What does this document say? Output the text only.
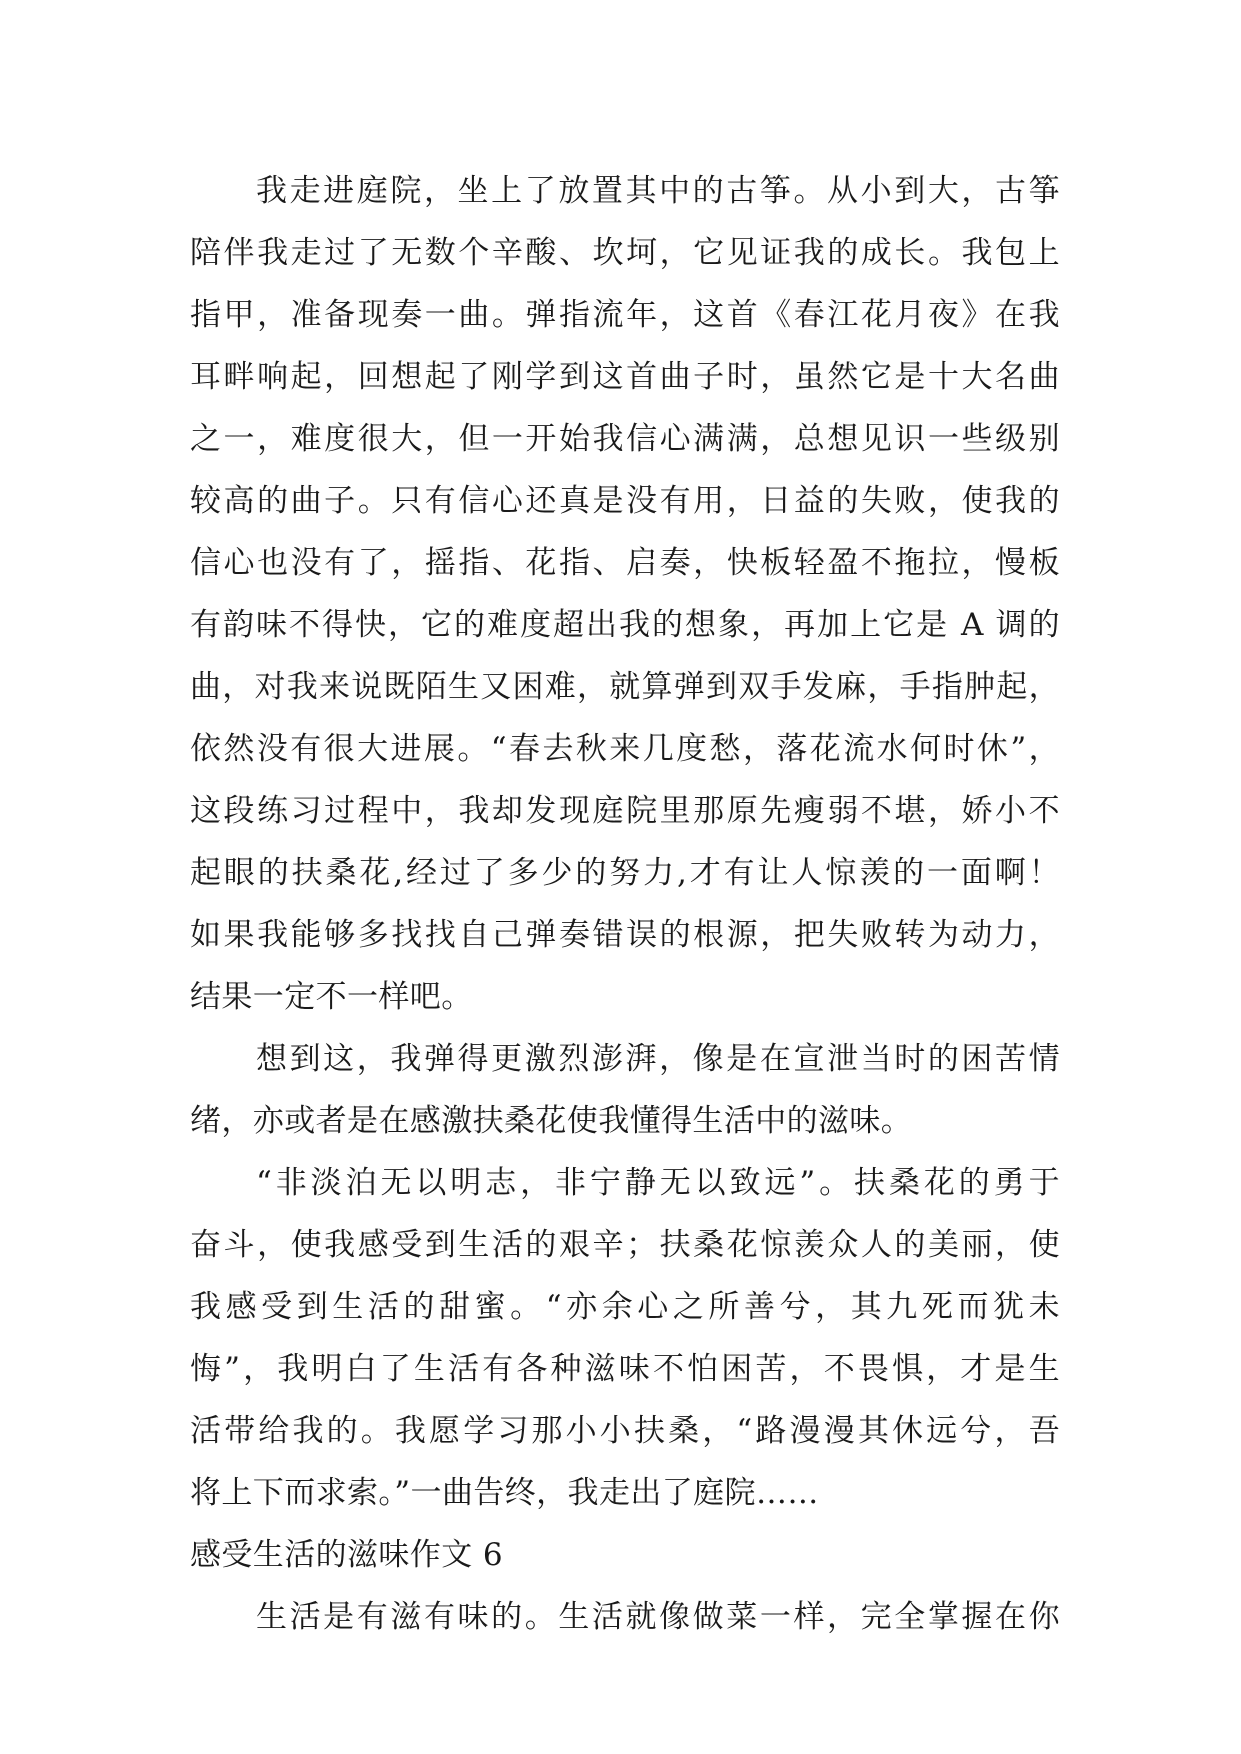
我走进庭院，坐上了放置其中的古筝。从小到大，古筝
陪伴我走过了无数个辛酸、坎坷，它见证我的成长。我包上
指甲，准备现奏一曲。弹指流年，这首《春江花月夜》在我
耳畔响起，回想起了刚学到这首曲子时，虽然它是十大名曲
之一，难度很大，但一开始我信心满满，总想见识一些级别
较高的曲子。只有信心还真是没有用，日益的失败，使我的
信心也没有了，摇指、花指、启奏，快板轻盈不拖拉，慢板
有韵味不得快，它的难度超出我的想象，再加上它是 A 调的
曲，对我来说既陌生又困难，就算弹到双手发麻，手指肿起，
依然没有很大进展。“春去秋来几度愁，落花流水何时休”，
这段练习过程中，我却发现庭院里那原先瘦弱不堪，娇小不
起眼的扶桑花,经过了多少的努力,才有让人惊羡的一面啊！
如果我能够多找找自己弹奏错误的根源，把失败转为动力，
结果一定不一样吧。
想到这，我弹得更激烈澎湃，像是在宣泄当时的困苦情
绪，亦或者是在感激扶桑花使我懂得生活中的滋味。
“非淡泊无以明志，非宁静无以致远”。扶桑花的勇于
奋斗，使我感受到生活的艰辛；扶桑花惊羡众人的美丽，使
我感受到生活的甜蜜。“亦余心之所善兮，其九死而犹未
悔”，我明白了生活有各种滋味不怕困苦，不畏惧，才是生
活带给我的。我愿学习那小小扶桑，“路漫漫其休远兮，吾
将上下而求索。”一曲告终，我走出了庭院……
感受生活的滋味作文 6
生活是有滋有味的。生活就像做菜一样，完全掌握在你
